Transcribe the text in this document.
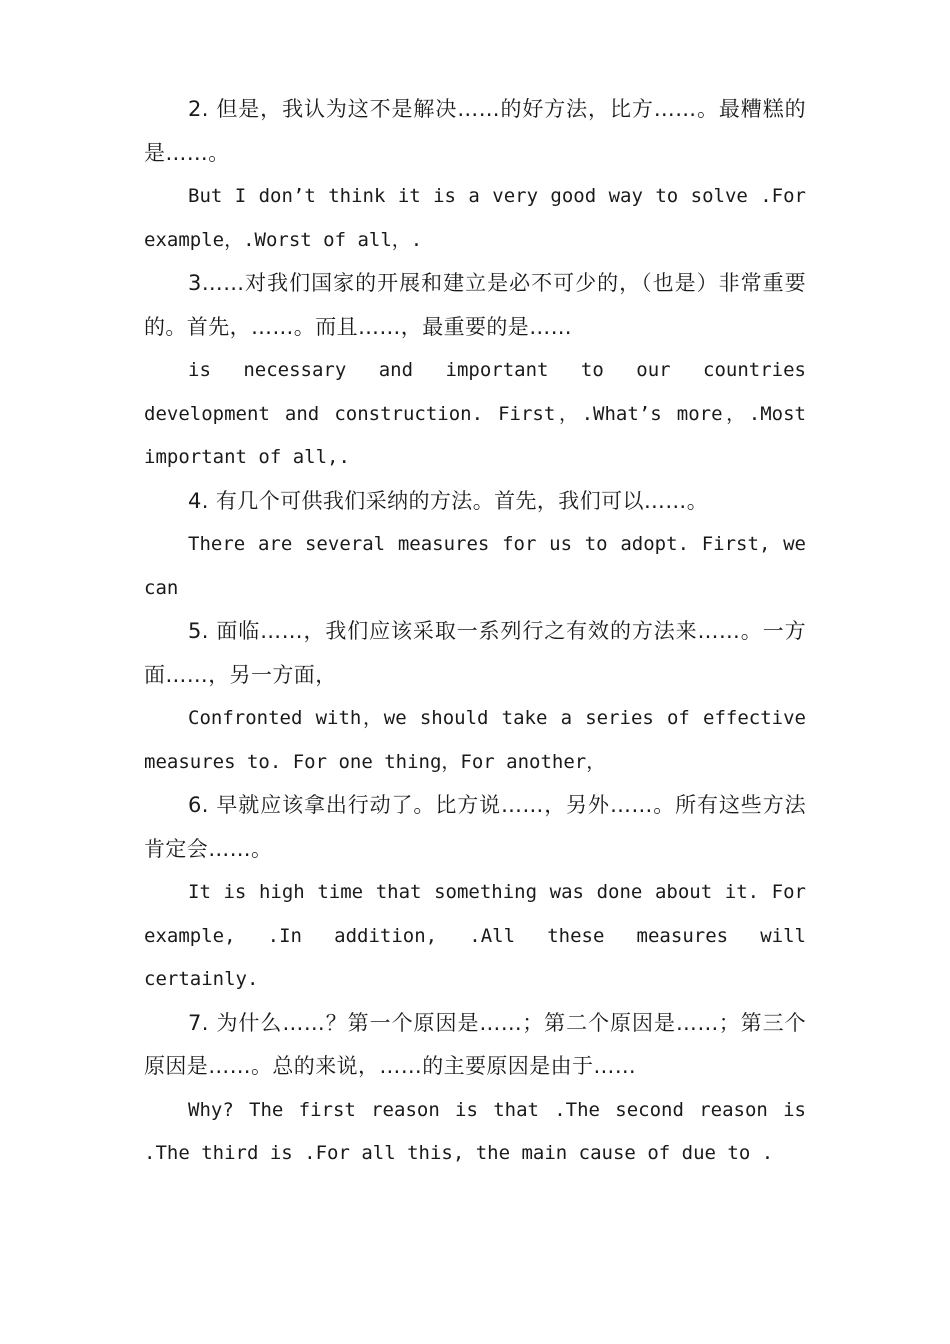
2. 但是，我认为这不是解决……的好方法，比方……。最糟糕的是……。

But I don’t think it is a very good way to solve .For example，.Worst of all，.

3……对我们国家的开展和建立是必不可少的，（也是）非常重要的。首先，……。而且……，最重要的是……

is necessary and important to our countries development and construction. First，.What’s more，.Most important of all,.

4. 有几个可供我们采纳的方法。首先，我们可以……。

There are several measures for us to adopt. First, we can

5. 面临……，我们应该采取一系列行之有效的方法来……。一方面……，另一方面，

Confronted with，we should take a series of effective measures to. For one thing，For another，

6. 早就应该拿出行动了。比方说……，另外……。所有这些方法肯定会……。

It is high time that something was done about it. For example, .In addition, .All these measures will certainly.

7. 为什么……？第一个原因是……；第二个原因是……；第三个原因是……。总的来说，……的主要原因是由于……

Why? The first reason is that .The second reason is .The third is .For all this, the main cause of due to .
